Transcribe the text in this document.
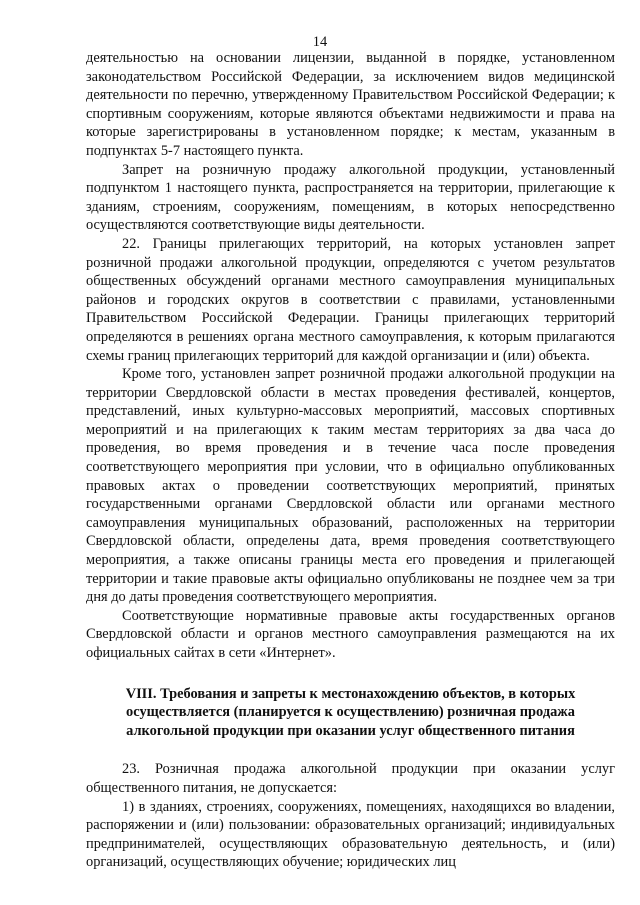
14

деятельностью на основании лицензии, выданной в порядке, установленном законодательством Российской Федерации, за исключением видов медицинской деятельности по перечню, утвержденному Правительством Российской Федерации; к спортивным сооружениям, которые являются объектами недвижимости и права на которые зарегистрированы в установленном порядке; к местам, указанным в подпунктах 5-7 настоящего пункта.

Запрет на розничную продажу алкогольной продукции, установленный подпунктом 1 настоящего пункта, распространяется на территории, прилегающие к зданиям, строениям, сооружениям, помещениям, в которых непосредственно осуществляются соответствующие виды деятельности.

22. Границы прилегающих территорий, на которых установлен запрет розничной продажи алкогольной продукции, определяются с учетом результатов общественных обсуждений органами местного самоуправления муниципальных районов и городских округов в соответствии с правилами, установленными Правительством Российской Федерации. Границы прилегающих территорий определяются в решениях органа местного самоуправления, к которым прилагаются схемы границ прилегающих территорий для каждой организации и (или) объекта.

Кроме того, установлен запрет розничной продажи алкогольной продукции на территории Свердловской области в местах проведения фестивалей, концертов, представлений, иных культурно-массовых мероприятий, массовых спортивных мероприятий и на прилегающих к таким местам территориях за два часа до проведения, во время проведения и в течение часа после проведения соответствующего мероприятия при условии, что в официально опубликованных правовых актах о проведении соответствующих мероприятий, принятых государственными органами Свердловской области или органами местного самоуправления муниципальных образований, расположенных на территории Свердловской области, определены дата, время проведения соответствующего мероприятия, а также описаны границы места его проведения и прилегающей территории и такие правовые акты официально опубликованы не позднее чем за три дня до даты проведения соответствующего мероприятия.

Соответствующие нормативные правовые акты государственных органов Свердловской области и органов местного самоуправления размещаются на их официальных сайтах в сети «Интернет».

VIII. Требования и запреты к местонахождению объектов, в которых осуществляется (планируется к осуществлению) розничная продажа алкогольной продукции при оказании услуг общественного питания

23. Розничная продажа алкогольной продукции при оказании услуг общественного питания, не допускается:

1) в зданиях, строениях, сооружениях, помещениях, находящихся во владении, распоряжении и (или) пользовании: образовательных организаций; индивидуальных предпринимателей, осуществляющих образовательную деятельность, и (или) организаций, осуществляющих обучение; юридических лиц
